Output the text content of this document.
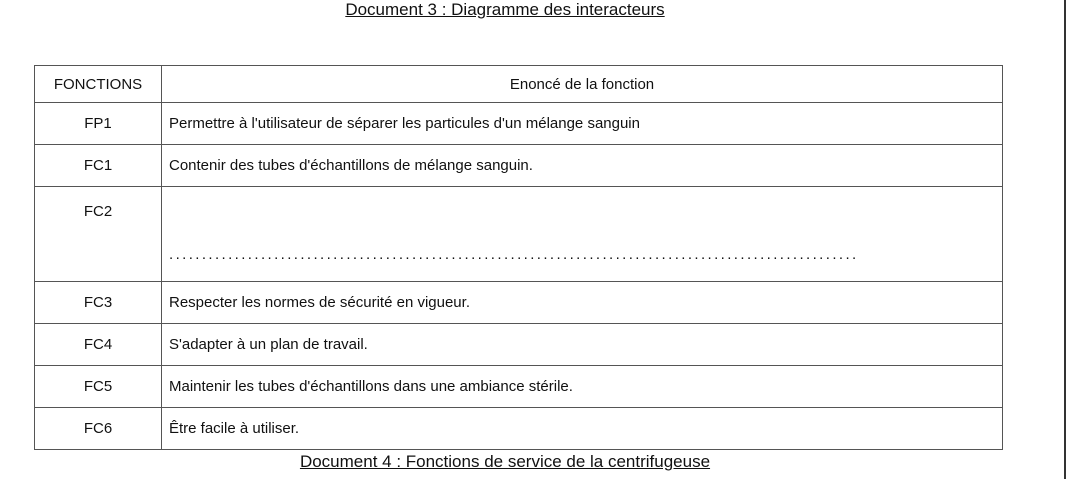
Document 3 : Diagramme des interacteurs
FONCTIONS	Enoncé de la fonction
FP1	Permettre à l'utilisateur de séparer les particules d'un mélange sanguin
FC1	Contenir des tubes d'échantillons de mélange sanguin.
FC2	.........................................................................................................

FC3	Respecter les normes de sécurité en vigueur.
FC4	S'adapter à un plan de travail.
FC5	Maintenir les tubes d'échantillons dans une ambiance stérile.
FC6	Être facile à utiliser.
Document 4 : Fonctions de service de la centrifugeuse
